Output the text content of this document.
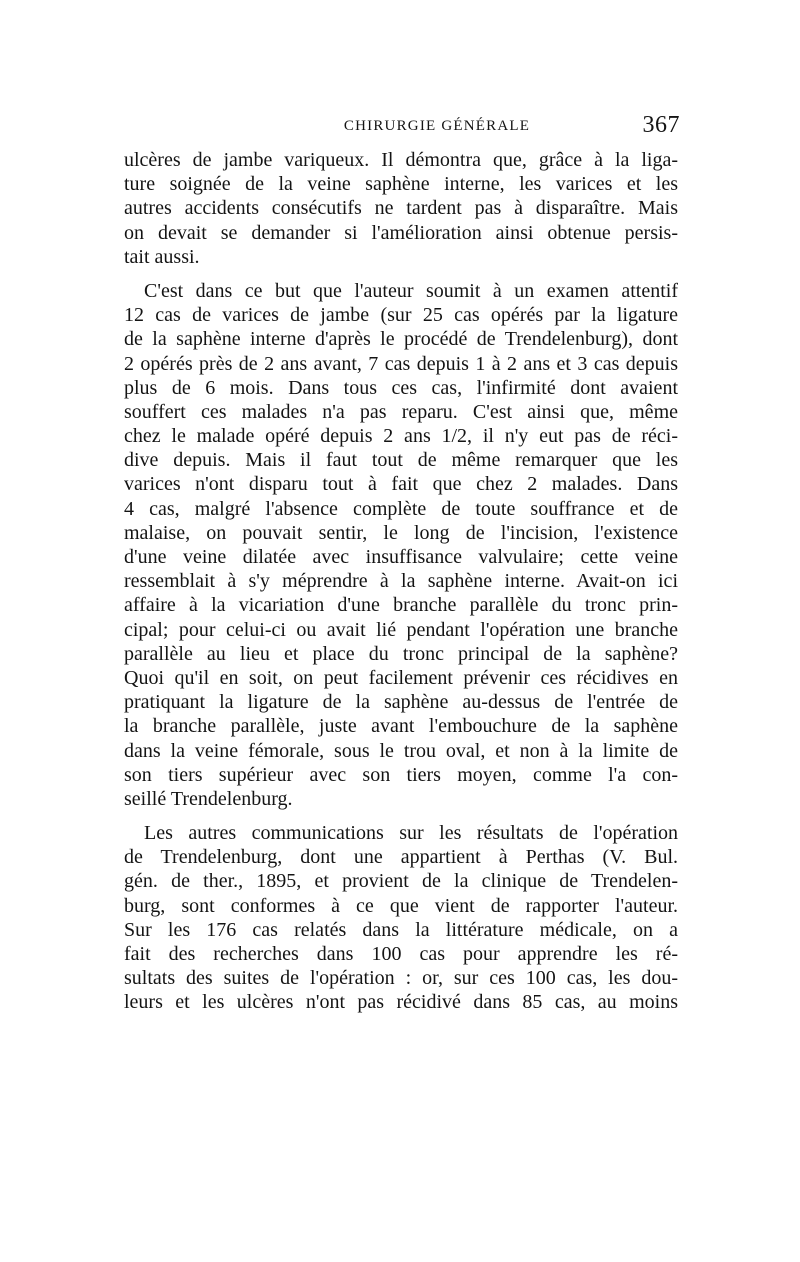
CHIRURGIE GÉNÉRALE	367
ulcères de jambe variqueux. Il démontra que, grâce à la liga-
ture soignée de la veine saphène interne, les varices et les
autres accidents consécutifs ne tardent pas à disparaître. Mais
on devait se demander si l'amélioration ainsi obtenue persis-
tait aussi.
C'est dans ce but que l'auteur soumit à un examen attentif
12 cas de varices de jambe (sur 25 cas opérés par la ligature
de la saphène interne d'après le procédé de Trendelenburg), dont
2 opérés près de 2 ans avant, 7 cas depuis 1 à 2 ans et 3 cas depuis
plus de 6 mois. Dans tous ces cas, l'infirmité dont avaient
souffert ces malades n'a pas reparu. C'est ainsi que, même
chez le malade opéré depuis 2 ans 1/2, il n'y eut pas de réci-
dive depuis. Mais il faut tout de même remarquer que les
varices n'ont disparu tout à fait que chez 2 malades. Dans
4 cas, malgré l'absence complète de toute souffrance et de
malaise, on pouvait sentir, le long de l'incision, l'existence
d'une veine dilatée avec insuffisance valvulaire; cette veine
ressemblait à s'y méprendre à la saphène interne. Avait-on ici
affaire à la vicariation d'une branche parallèle du tronc prin-
cipal; pour celui-ci ou avait lié pendant l'opération une branche
parallèle au lieu et place du tronc principal de la saphène?
Quoi qu'il en soit, on peut facilement prévenir ces récidives en
pratiquant la ligature de la saphène au-dessus de l'entrée de
la branche parallèle, juste avant l'embouchure de la saphène
dans la veine fémorale, sous le trou oval, et non à la limite de
son tiers supérieur avec son tiers moyen, comme l'a con-
seillé Trendelenburg.
Les autres communications sur les résultats de l'opération
de Trendelenburg, dont une appartient à Perthas (V. Bul.
gén. de ther., 1895, et provient de la clinique de Trendelen-
burg, sont conformes à ce que vient de rapporter l'auteur.
Sur les 176 cas relatés dans la littérature médicale, on a
fait des recherches dans 100 cas pour apprendre les ré-
sultats des suites de l'opération : or, sur ces 100 cas, les dou-
leurs et les ulcères n'ont pas récidivé dans 85 cas, au moins
